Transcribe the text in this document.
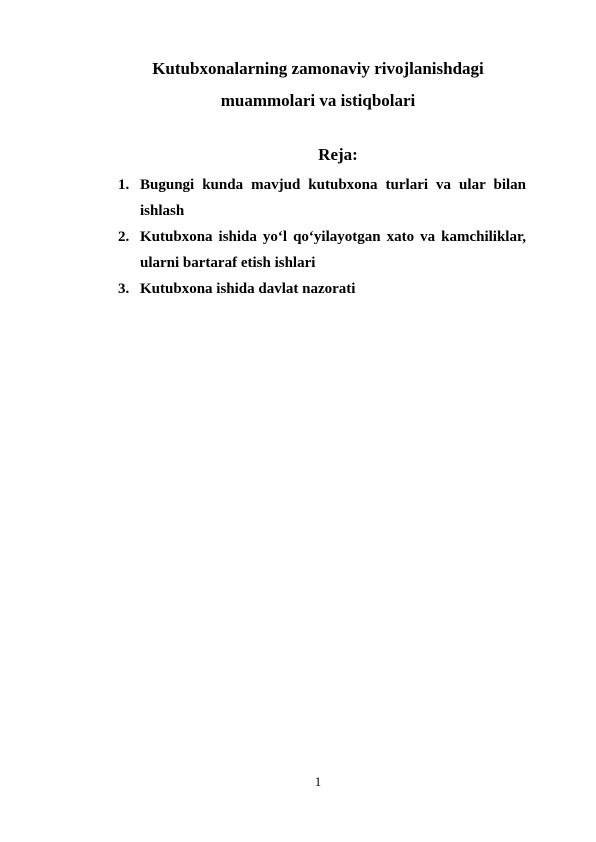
Kutubxonalarning zamonaviy rivojlanishdagi
muammolari va istiqbolari
Reja:
1. Bugungi kunda mavjud kutubxona turlari va ular bilan ishlash
2. Kutubxona ishida yo‘l qo‘yilayotgan xato va kamchiliklar, ularni bartaraf etish ishlari
3. Kutubxona ishida davlat nazorati
1
